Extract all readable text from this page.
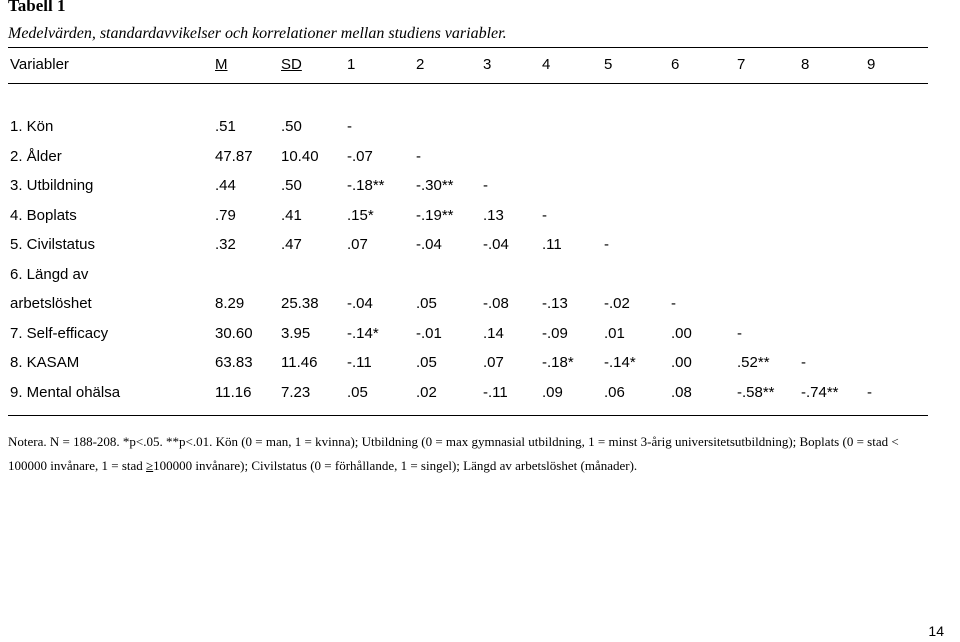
Tabell 1
Medelvärden, standardavvikelser och korrelationer mellan studiens variabler.
Variabler	M	SD	1	2	3	4	5	6	7	8	9
1. Kön	.51	.50	-
2. Ålder	47.87 10.40 -.07	-
3. Utbildning	.44	.50	-.18** -.30** -
4. Boplats	.79	.41	.15*	-.19** .13	-
5. Civilstatus	.32	.47	.07	-.04	-.04 .11	-
6. Längd av
arbetslöshet	8.29 25.38 -.04	.05	-.08 -.13 -.02	-
7. Self-efficacy	30.60 3.95 -.14* -.01	.14	-.09 .01	.00	-
8. KASAM	63.83 11.46 -.11	.05	.07	-.18* -.14* .00	.52** -
9. Mental ohälsa	11.16 7.23 .05	.02	-.11 .09	.06	.08	-.58** -.74** -
Notera. N = 188-208. *p<.05. **p<.01. Kön (0 = man, 1 = kvinna); Utbildning (0 = max gymnasial utbildning, 1 = minst 3-årig universitetsutbildning); Boplats (0 = stad <
100000 invånare, 1 = stad ≥100000 invånare); Civilstatus (0 = förhållande, 1 = singel); Längd av arbetslöshet (månader).
14
